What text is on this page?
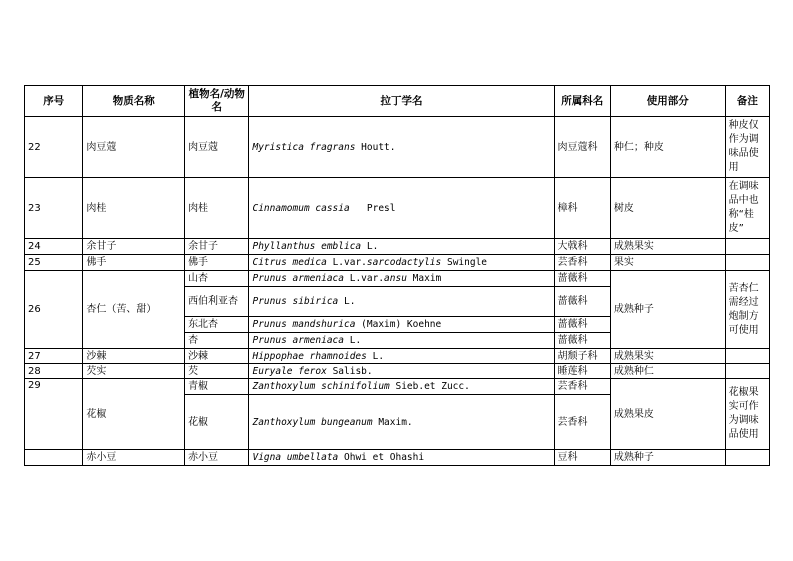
序号	物质名称	植物名/动物名	拉丁学名	所属科名	使用部分	备注
22	肉豆蔻	肉豆蔻	Myristica fragrans Houtt.	肉豆蔻科	种仁；种皮	种皮仅作为调味品使用
23	肉桂	肉桂	Cinnamomum cassia   Presl	樟科	树皮	在调味品中也称“桂皮”
24	余甘子	余甘子	Phyllanthus emblica L.	大戟科	成熟果实	
25	佛手	佛手	Citrus medica L.var.sarcodactylis Swingle	芸香科	果实	
26	杏仁（苦、甜）	山杏	Prunus armeniaca L.var.ansu Maxim	蔷薇科	成熟种子	苦杏仁需经过炮制方可使用
		西伯利亚杏	Prunus sibirica L.	蔷薇科		
		东北杏	Prunus mandshurica (Maxim) Koehne	蔷薇科		
		杏	Prunus armeniaca L.	蔷薇科		
27	沙棘	沙棘	Hippophae rhamnoides L.	胡颓子科	成熟果实	
28	芡实	芡	Euryale ferox Salisb.	睡莲科	成熟种仁	
29	花椒	青椒	Zanthoxylum schinifolium Sieb.et Zucc.	芸香科	成熟果皮	花椒果实可作为调味品使用
		花椒	Zanthoxylum bungeanum Maxim.	芸香科		
	赤小豆	赤小豆	Vigna umbellata Ohwi et Ohashi	豆科	成熟种子	
